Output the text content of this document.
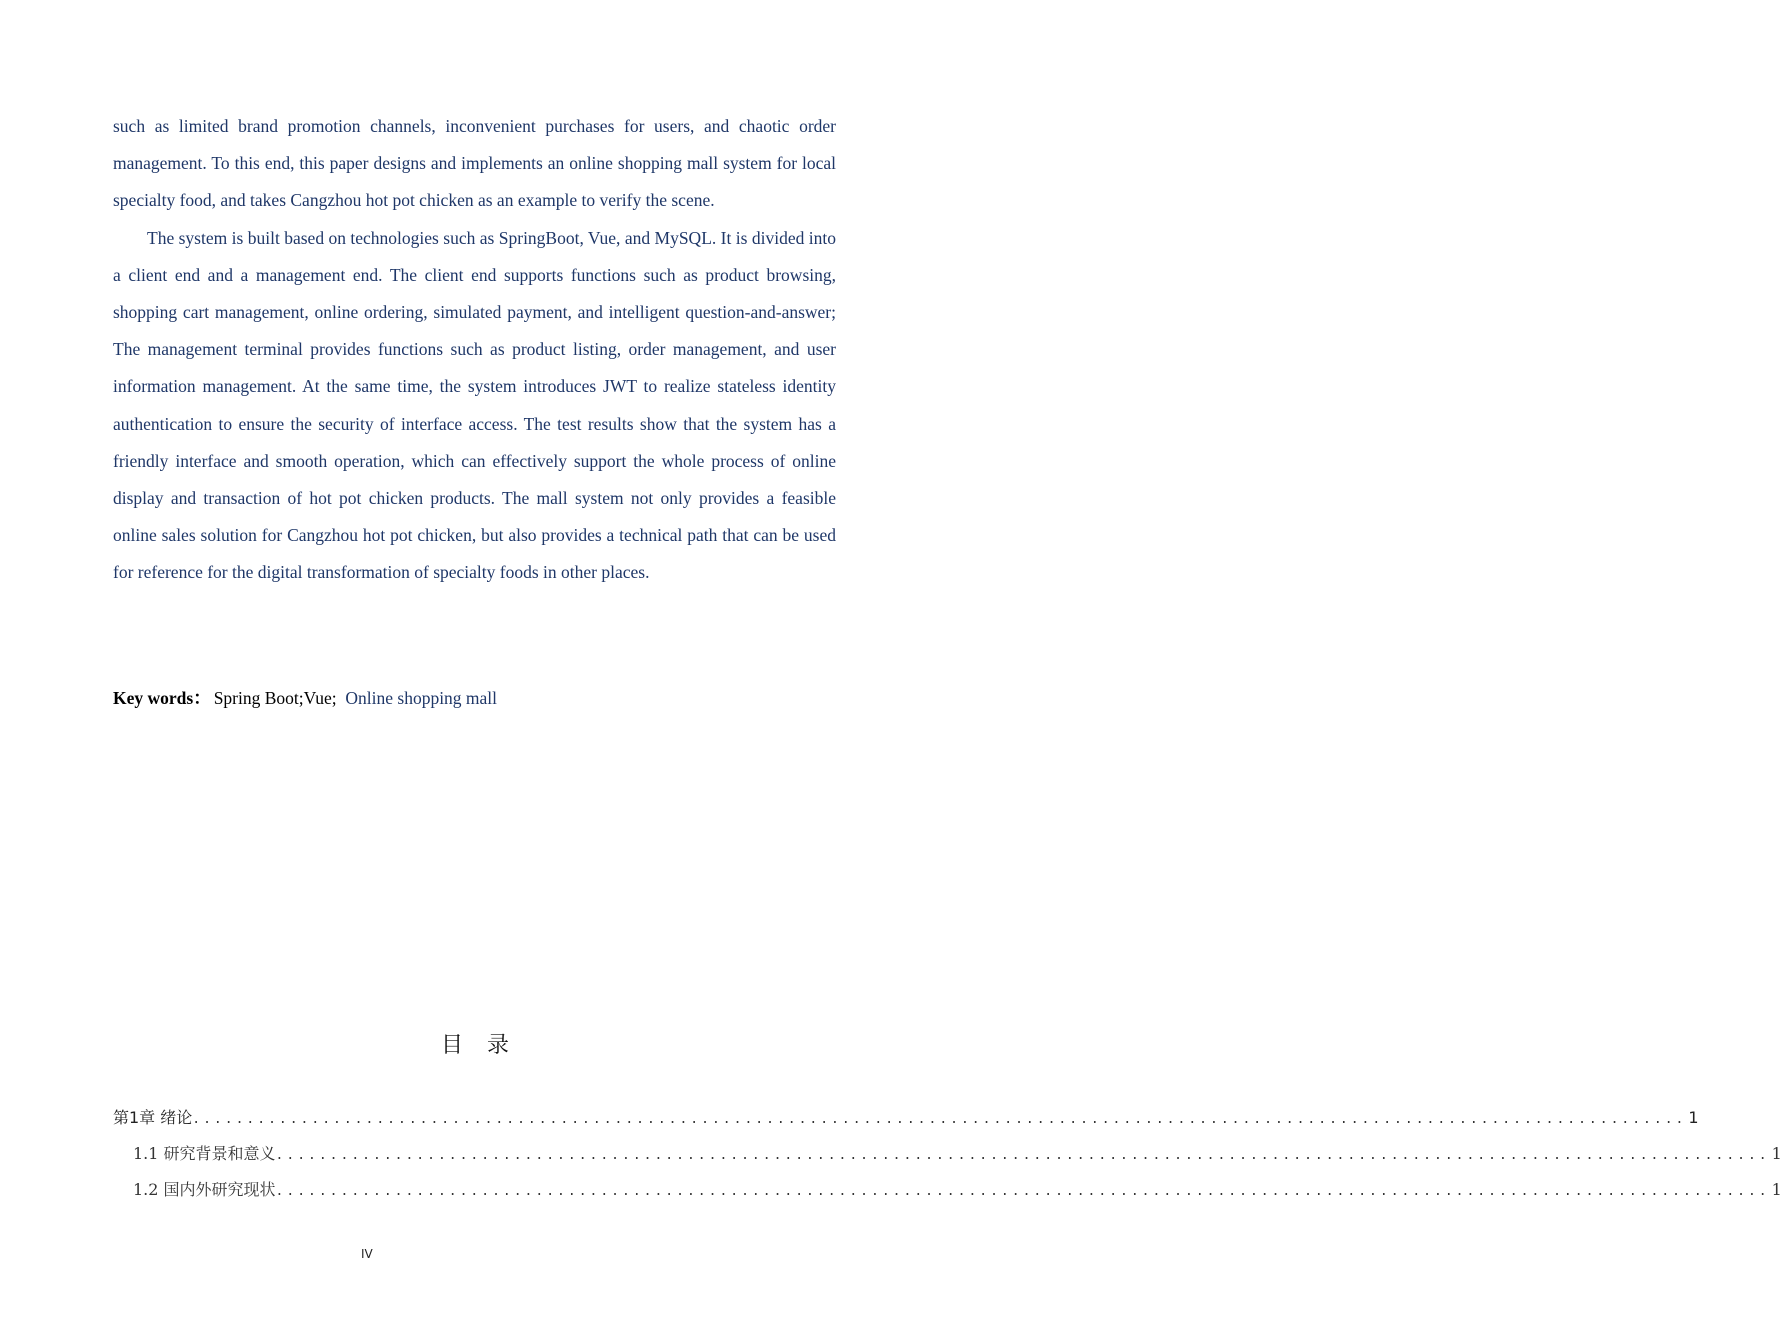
such as limited brand promotion channels, inconvenient purchases for users, and chaotic order management. To this end, this paper designs and implements an online shopping mall system for local specialty food, and takes Cangzhou hot pot chicken as an example to verify the scene.

The system is built based on technologies such as SpringBoot, Vue, and MySQL. It is divided into a client end and a management end. The client end supports functions such as product browsing, shopping cart management, online ordering, simulated payment, and intelligent question-and-answer; The management terminal provides functions such as product listing, order management, and user information management. At the same time, the system introduces JWT to realize stateless identity authentication to ensure the security of interface access. The test results show that the system has a friendly interface and smooth operation, which can effectively support the whole process of online display and transaction of hot pot chicken products. The mall system not only provides a feasible online sales solution for Cangzhou hot pot chicken, but also provides a technical path that can be used for reference for the digital transformation of specialty foods in other places.

Key words： Spring Boot;Vue; Online shopping mall
目录
第1章 绪论 .......................................................................................................................................... 1
1.1 研究背景和意义 .......................................................................................................................................... 1
1.2 国内外研究现状 .......................................................................................................................................... 1
IV
